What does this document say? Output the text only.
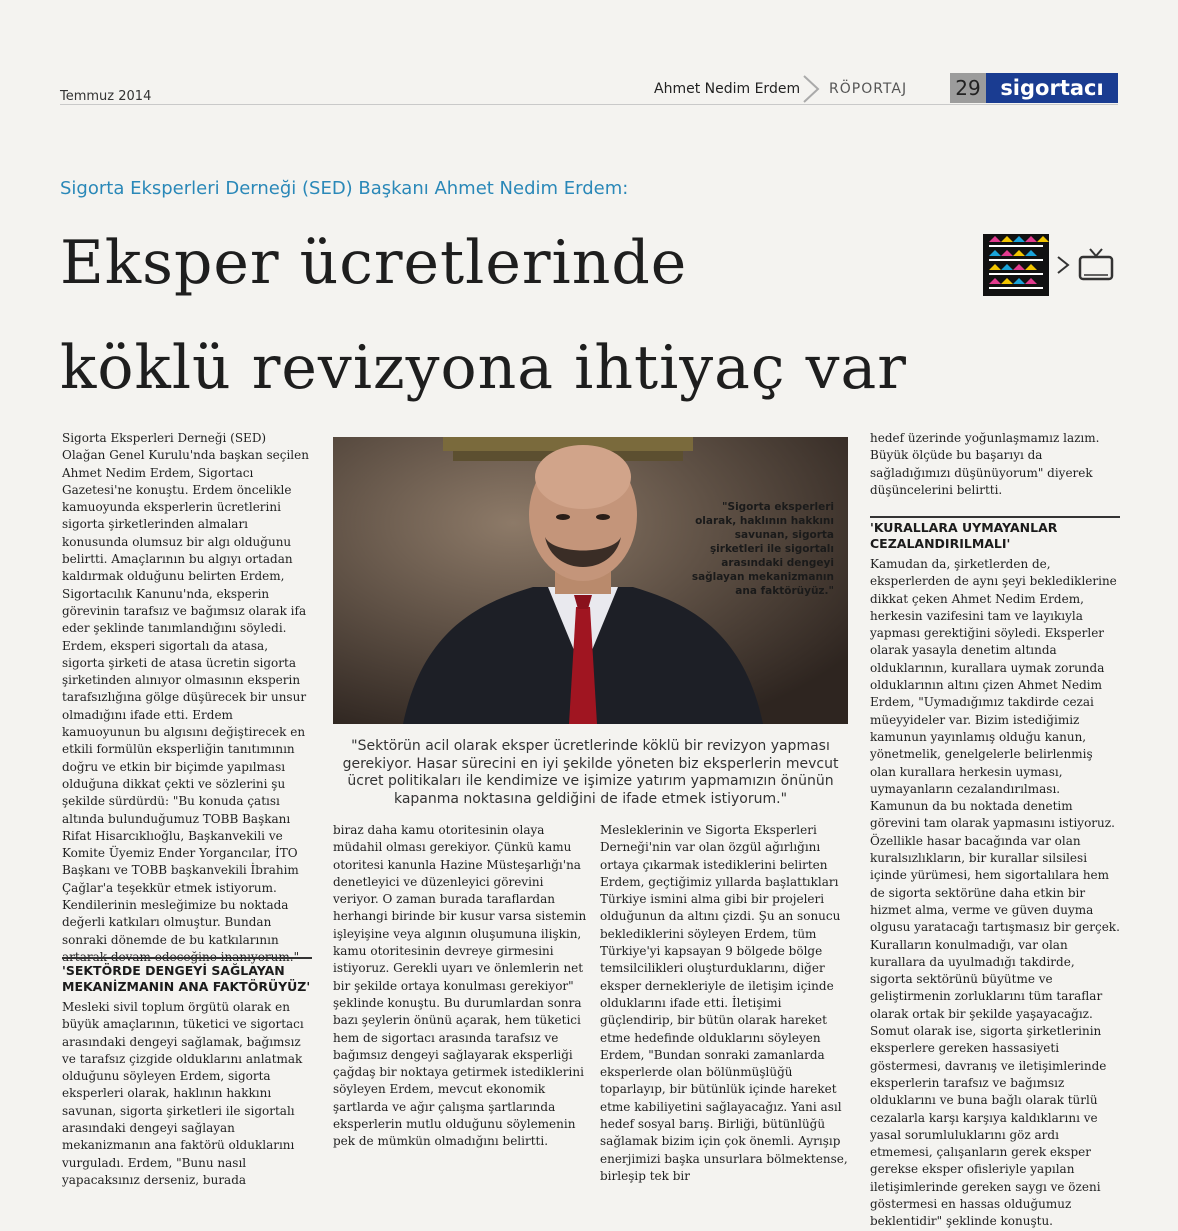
Temmuz 2014	Ahmet Nedim Erdem RÖPORTAJ 29 sigortacı
Sigorta Eksperleri Derneği (SED) Başkanı Ahmet Nedim Erdem:
Eksper ücretlerinde
köklü revizyona ihtiyaç var

Sigorta Eksperleri Derneği (SED) Olağan Genel Kurulu'nda başkan seçilen Ahmet Nedim Erdem, Sigortacı Gazetesi'ne konuştu. Erdem öncelikle kamuoyunda eksperlerin ücretlerini sigorta şirketlerinden almaları konusunda olumsuz bir algı olduğunu belirtti. Amaçlarının bu algıyı ortadan kaldırmak olduğunu belirten Erdem, Sigortacılık Kanunu'nda, eksperin görevinin tarafsız ve bağımsız olarak ifa eder şeklinde tanımlandığını söyledi. Erdem, eksperi sigortalı da atasa, sigorta şirketi de atasa ücretin sigorta şirketinden alınıyor olmasının eksperin tarafsızlığına gölge düşürecek bir unsur olmadığını ifade etti. Erdem kamuoyunun bu algısını değiştirecek en etkili formülün eksperliğin tanıtımının doğru ve etkin bir biçimde yapılması olduğuna dikkat çekti ve sözlerini şu şekilde sürdürdü: "Bu konuda çatısı altında bulunduğumuz TOBB Başkanı Rifat Hisarcıklıoğlu, Başkanvekili ve Komite Üyemiz Ender Yorgancılar, İTO Başkanı ve TOBB başkanvekili İbrahim Çağlar'a teşekkür etmek istiyorum. Kendilerinin mesleğimize bu noktada değerli katkıları olmuştur. Bundan sonraki dönemde de bu katkılarının

'SEKTÖRDE DENGEYİ SAĞLAYAN MEKANİZMANIN ANA FAKTÖRÜYÜZ'

Mesleki sivil toplum örgütü olarak en büyük amaçlarının, tüketici ve sigortacı arasındaki dengeyi sağlamak, bağımsız ve tarafsız çizgide olduklarını anlatmak olduğunu söyleyen Erdem, sigorta eksperleri olarak, haklının hakkını savunan, sigorta şirketleri ile sigortalı arasındaki dengeyi sağlayan mekanizmanın ana faktörü olduklarını vurguladı. Erdem, "Bunu nasıl yapacaksınız derseniz, burada

"Sigorta eksperleri olarak, haklının hakkını savunan, sigorta şirketleri ile sigortalı arasındaki dengeyi sağlayan mekanizmanın ana faktörüyüz."
"Sektörün acil olarak eksper ücretlerinde köklü bir revizyon yapması gerekiyor. Hasar sürecini en iyi şekilde yöneten biz eksperlerin mevcut ücret politikaları ile kendimize ve işimize yatırım yapmamızın önünün kapanma noktasına geldiğini de ifade etmek istiyorum."

biraz daha kamu otoritesinin olaya müdahil olması gerekiyor. Çünkü kamu otoritesi kanunla Hazine Müsteşarlığı'na denetleyici ve düzenleyici görevini veriyor. O zaman burada taraflardan herhangi birinde bir kusur varsa sistemin işleyişine veya algının oluşumuna ilişkin, kamu otoritesinin devreye girmesini istiyoruz. Gerekli uyarı ve önlemlerin net bir şekilde ortaya konulması gerekiyor" şeklinde konuştu. Bu durumlardan sonra bazı şeylerin önünü açarak, hem tüketici hem de sigortacı arasında tarafsız ve bağımsız dengeyi sağlayarak eksperliği çağdaş bir noktaya getirmek istediklerini söyleyen Erdem, mevcut ekonomik şartlarda ve ağır çalışma şartlarında eksperlerin mutlu olduğunu söylemenin pek de mümkün olmadığını belirtti.

Mesleklerinin ve Sigorta Eksperleri Derneği'nin var olan özgül ağırlığını ortaya çıkarmak istediklerini belirten Erdem, geçtiğimiz yıllarda başlattıkları Türkiye ismini alma gibi bir projeleri olduğunun da altını çizdi. Şu an sonucu beklediklerini söyleyen Erdem, tüm Türkiye'yi kapsayan 9 bölgede bölge temsilcilikleri oluşturduklarını, diğer eksper dernekleriyle de iletişim içinde olduklarını ifade etti. İletişimi güçlendirip, bir bütün olarak hareket etme hedefinde olduklarını söyleyen Erdem, "Bundan sonraki zamanlarda eksperlerde olan bölünmüşlüğü toparlayıp, bir bütünlük içinde hareket etme kabiliyetini sağlayacağız. Yani asıl hedef sosyal barış. Birliği, bütünlüğü sağlamak bizim için çok önemli. Ayrışıp enerjimizi başka unsurlara bölmektense, birleşip tek bir

hedef üzerinde yoğunlaşmamız lazım. Büyük ölçüde bu başarıyı da sağladığımızı düşünüyorum" diyerek düşüncelerini belirtti.

'KURALLARA UYMAYANLAR CEZALANDIRILMALI'

Kamudan da, şirketlerden de, eksperlerden de aynı şeyi beklediklerine dikkat çeken Ahmet Nedim Erdem, herkesin vazifesini tam ve layıkıyla yapması gerektiğini söyledi. Eksperler olarak yasayla denetim altında olduklarının, kurallara uymak zorunda olduklarının altını çizen Ahmet Nedim Erdem, "Uymadığımız takdirde cezai müeyyideler var. Bizim istediğimiz kamunun yayınlamış olduğu kanun, yönetmelik, genelgelerle belirlenmiş olan kurallara herkesin uyması, uymayanların cezalandırılması. Kamunun da bu noktada denetim görevini tam olarak yapmasını istiyoruz. Özellikle hasar bacağında var olan kuralsızlıkların, bir kurallar silsilesi içinde yürümesi, hem sigortalılara hem de sigorta sektörüne daha etkin bir hizmet alma, verme ve güven duyma olgusu yaratacağı tartışmasız bir gerçek. Kuralların konulmadığı, var olan kurallara da uyulmadığı takdirde, sigorta sektörünü büyütme ve geliştirmenin zorluklarını tüm taraflar olarak ortak bir şekilde yaşayacağız. Somut olarak ise, sigorta şirketlerinin eksperlere gereken hassasiyeti göstermesi, davranış ve iletişimlerinde eksperlerin tarafsız ve bağımsız olduklarını ve buna bağlı olarak türlü cezalarla karşı karşıya kaldıklarını ve yasal sorumluluklarını göz ardı etmemesi, çalışanların gerek eksper gerekse eksper ofisleriyle yapılan iletişimlerinde gereken saygı ve özeni göstermesi en hassas olduğumuz beklentidir" şeklinde konuştu.
